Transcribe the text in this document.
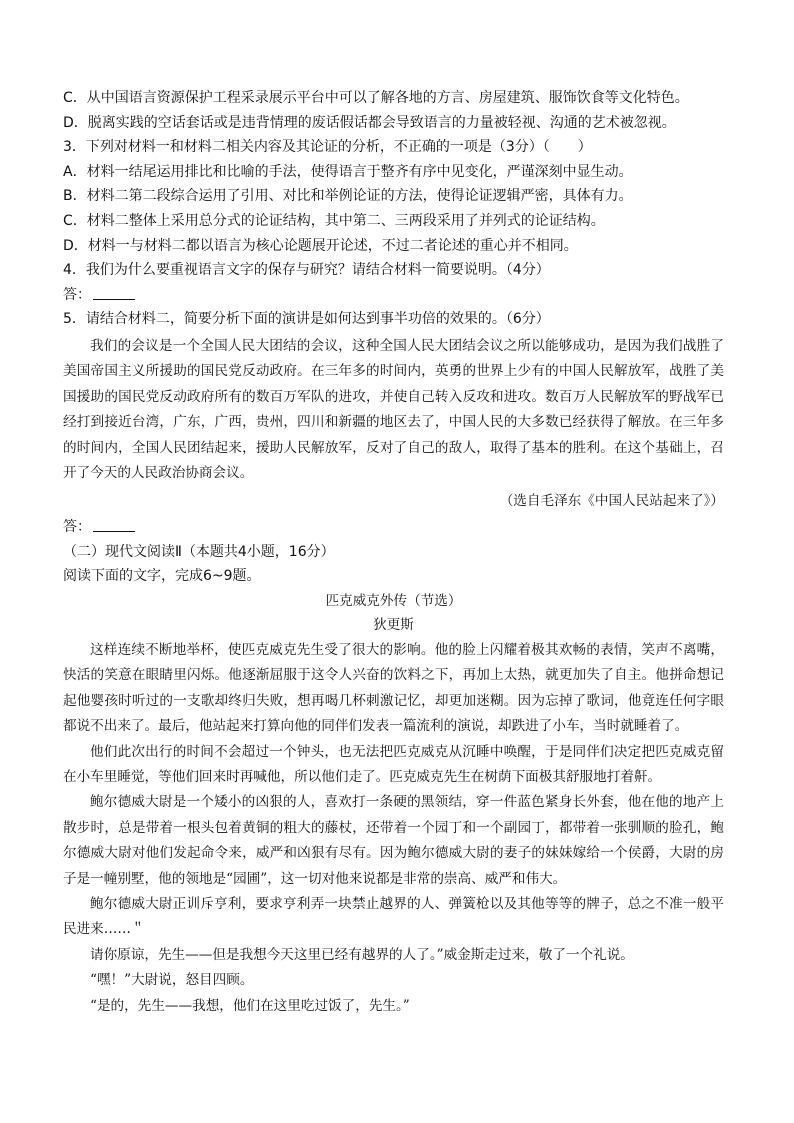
C．从中国语言资源保护工程采录展示平台中可以了解各地的方言、房屋建筑、服饰饮食等文化特色。

D．脱离实践的空话套话或是违背情理的废话假话都会导致语言的力量被轻视、沟通的艺术被忽视。

3．下列对材料一和材料二相关内容及其论证的分析，不正确的一项是（3分）（　　）

A．材料一结尾运用排比和比喻的手法，使得语言于整齐有序中见变化，严谨深刻中显生动。

B．材料二第二段综合运用了引用、对比和举例论证的方法，使得论证逻辑严密，具体有力。

C．材料二整体上采用总分式的论证结构，其中第二、三两段采用了并列式的论证结构。

D．材料一与材料二都以语言为核心论题展开论述，不过二者论述的重心并不相同。

4．我们为什么要重视语言文字的保存与研究？请结合材料一简要说明。（4分）

答：

5．请结合材料二，简要分析下面的演讲是如何达到事半功倍的效果的。（6分）

我们的会议是一个全国人民大团结的会议，这种全国人民大团结会议之所以能够成功，是因为我们战胜了美国帝国主义所援助的国民党反动政府。在三年多的时间内，英勇的世界上少有的中国人民解放军，战胜了美国援助的国民党反动政府所有的数百万军队的进攻，并使自己转入反攻和进攻。数百万人民解放军的野战军已经打到接近台湾，广东，广西，贵州，四川和新疆的地区去了，中国人民的大多数已经获得了解放。在三年多的时间内，全国人民团结起来，援助人民解放军，反对了自己的敌人，取得了基本的胜利。在这个基础上，召开了今天的人民政治协商会议。

（选自毛泽东《中国人民站起来了》）

答：

（二）现代文阅读Ⅱ（本题共4小题，16分）

阅读下面的文字，完成6~9题。

匹克威克外传（节选）

狄更斯

这样连续不断地举杯，使匹克威克先生受了很大的影响。他的脸上闪耀着极其欢畅的表情，笑声不离嘴，快活的笑意在眼睛里闪烁。他逐渐屈服于这令人兴奋的饮料之下，再加上太热，就更加失了自主。他拼命想记起他婴孩时听过的一支歌却终归失败，想再喝几杯刺激记忆，却更加迷糊。因为忘掉了歌词，他竟连任何字眼都说不出来了。最后，他站起来打算向他的同伴们发表一篇流利的演说，却跌进了小车，当时就睡着了。

他们此次出行的时间不会超过一个钟头，也无法把匹克威克从沉睡中唤醒，于是同伴们决定把匹克威克留在小车里睡觉，等他们回来时再喊他，所以他们走了。匹克威克先生在树荫下面极其舒服地打着鼾。

鲍尔德威大尉是一个矮小的凶狠的人，喜欢打一条硬的黑领结，穿一件蓝色紧身长外套，他在他的地产上散步时，总是带着一根头包着黄铜的粗大的藤杖，还带着一个园丁和一个副园丁，都带着一张驯顺的脸孔，鲍尔德威大尉对他们发起命令来，威严和凶狠有尽有。因为鲍尔德威大尉的妻子的妹妹嫁给一个侯爵，大尉的房子是一幢别墅，他的领地是“园圃”，这一切对他来说都是非常的崇高、威严和伟大。

鲍尔德威大尉正训斥亨利，要求亨利弄一块禁止越界的人、弹簧枪以及其他等等的牌子，总之不准一般平民进来……＂

请你原谅，先生——但是我想今天这里已经有越界的人了。”威金斯走过来，敬了一个礼说。

“嘿！”大尉说，怒目四顾。

“是的，先生——我想，他们在这里吃过饭了，先生。”
